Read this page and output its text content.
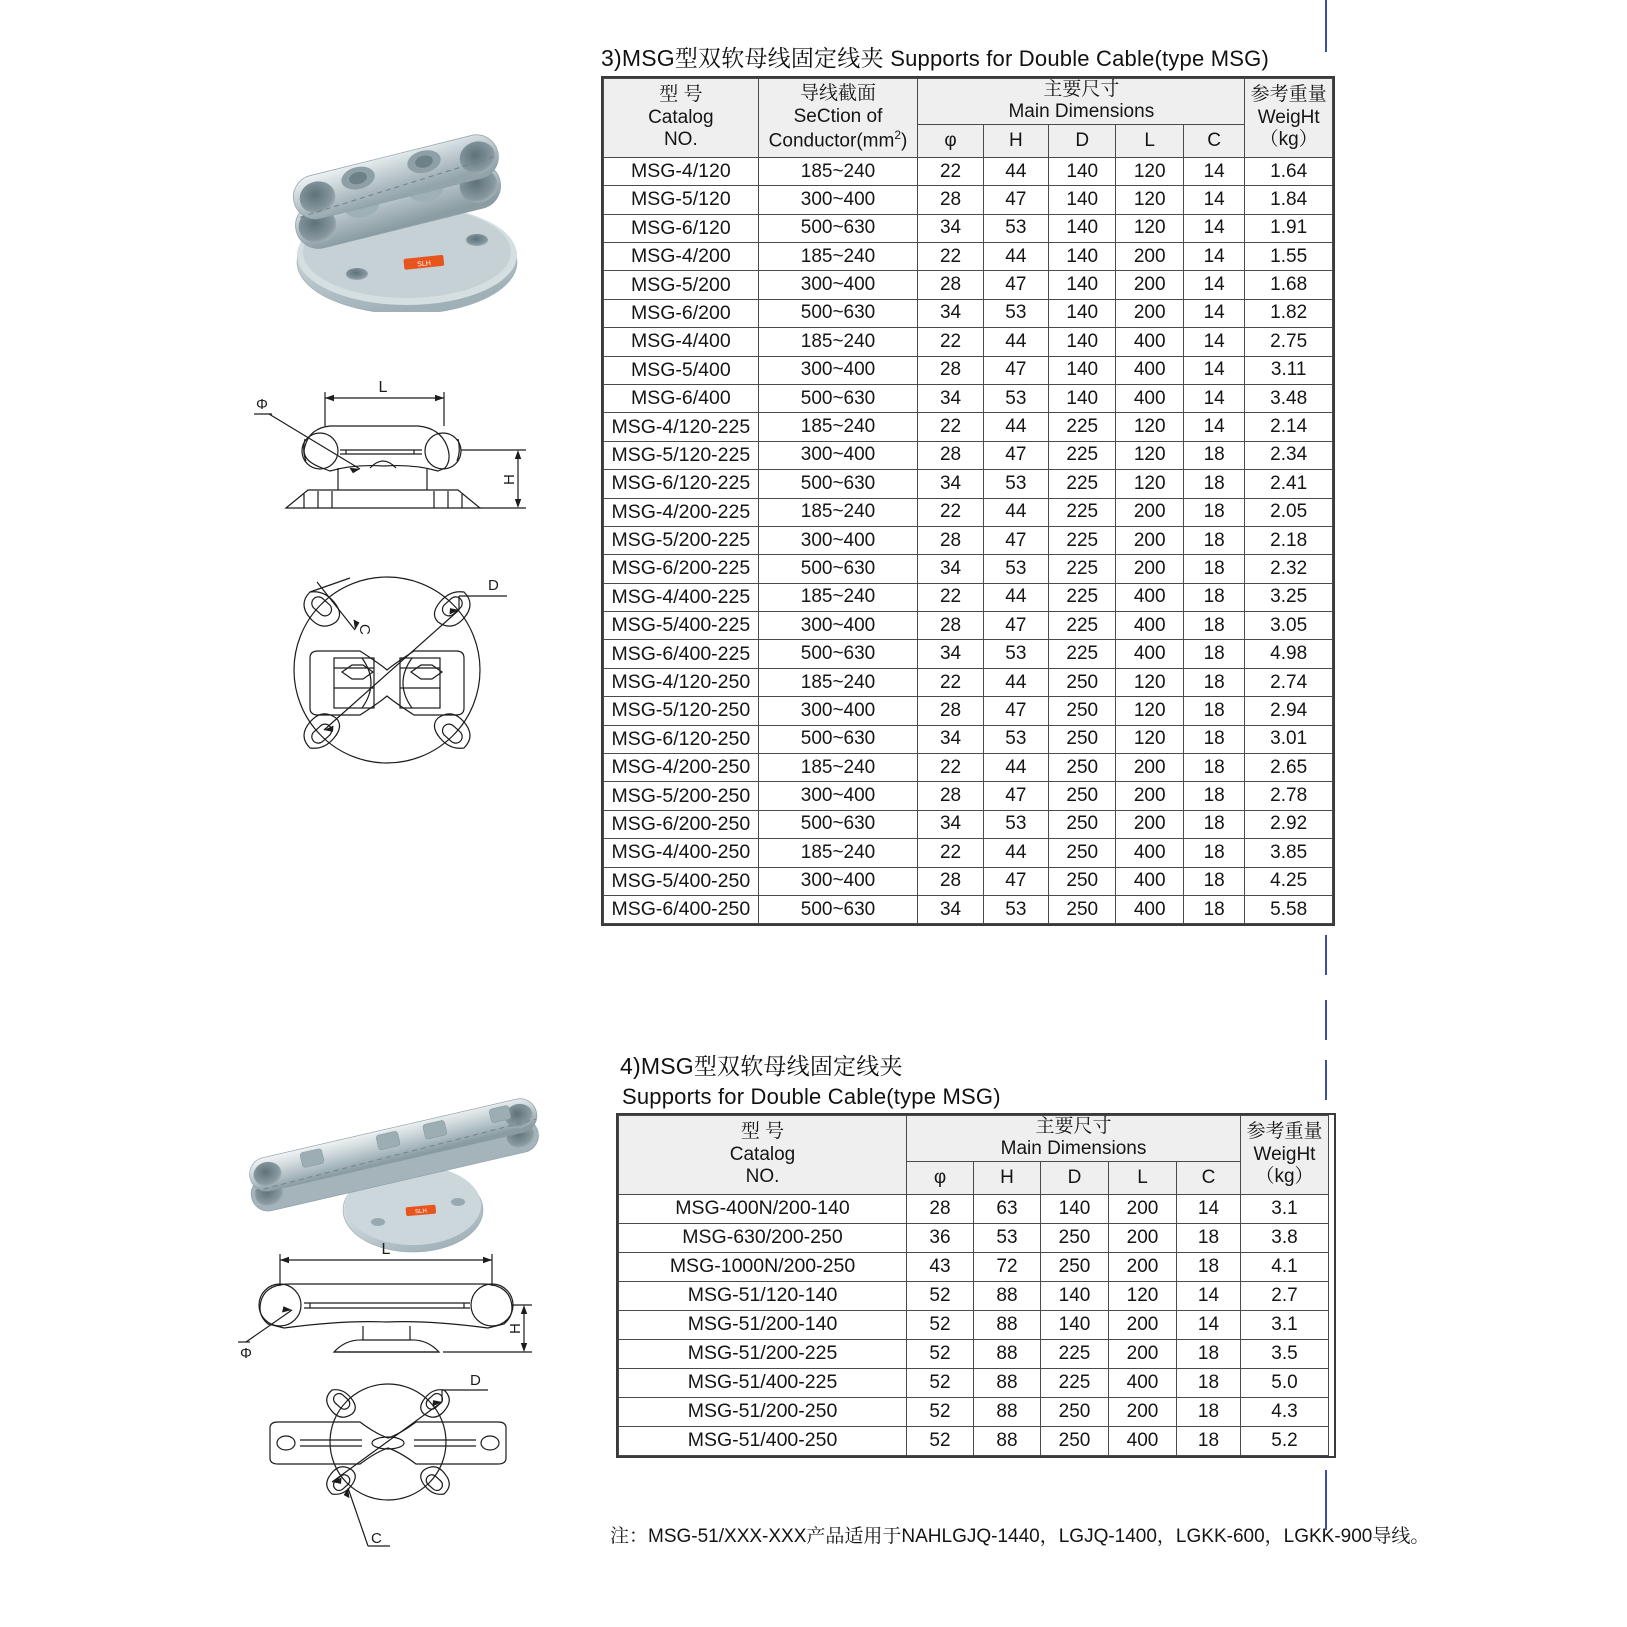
3)MSG型双软母线固定线夹 Supports for Double Cable(type MSG)
SLH
L
Φ
H
C
D
型 号
Catalog
NO.	导线截面
SeCtion of
$Conductor(mm^2)$	主要尺寸
Main Dimensions					参考重量
WeigHt
（kg）

		φ	H	D	L	C	
MSG-4/120	185~240	22	44	140	120	14	1.64
MSG-5/120	300~400	28	47	140	120	14	1.84
MSG-6/120	500~630	34	53	140	120	14	1.91
MSG-4/200	185~240	22	44	140	200	14	1.55
MSG-5/200	300~400	28	47	140	200	14	1.68
MSG-6/200	500~630	34	53	140	200	14	1.82
MSG-4/400	185~240	22	44	140	400	14	2.75
MSG-5/400	300~400	28	47	140	400	14	3.11
MSG-6/400	500~630	34	53	140	400	14	3.48
MSG-4/120-225	185~240	22	44	225	120	14	2.14
MSG-5/120-225	300~400	28	47	225	120	18	2.34
MSG-6/120-225	500~630	34	53	225	120	18	2.41
MSG-4/200-225	185~240	22	44	225	200	18	2.05
MSG-5/200-225	300~400	28	47	225	200	18	2.18
MSG-6/200-225	500~630	34	53	225	200	18	2.32
MSG-4/400-225	185~240	22	44	225	400	18	3.25
MSG-5/400-225	300~400	28	47	225	400	18	3.05
MSG-6/400-225	500~630	34	53	225	400	18	4.98
MSG-4/120-250	185~240	22	44	250	120	18	2.74
MSG-5/120-250	300~400	28	47	250	120	18	2.94
MSG-6/120-250	500~630	34	53	250	120	18	3.01
MSG-4/200-250	185~240	22	44	250	200	18	2.65
MSG-5/200-250	300~400	28	47	250	200	18	2.78
MSG-6/200-250	500~630	34	53	250	200	18	2.92
MSG-4/400-250	185~240	22	44	250	400	18	3.85
MSG-5/400-250	300~400	28	47	250	400	18	4.25
MSG-6/400-250	500~630	34	53	250	400	18	5.58
4)MSG型双软母线固定线夹
Supports for Double Cable(type MSG)
SLH
L
Φ
H
D
C
型 号
Catalog
NO.	主要尺寸
Main Dimensions					参考重量
WeigHt
（kg）

	φ	H	D	L	C	
MSG-400N/200-140	28	63	140	200	14	3.1
MSG-630/200-250	36	53	250	200	18	3.8
MSG-1000N/200-250	43	72	250	200	18	4.1
MSG-51/120-140	52	88	140	120	14	2.7
MSG-51/200-140	52	88	140	200	14	3.1
MSG-51/200-225	52	88	225	200	18	3.5
MSG-51/400-225	52	88	225	400	18	5.0
MSG-51/200-250	52	88	250	200	18	4.3
MSG-51/400-250	52	88	250	400	18	5.2
注：MSG-51/XXX-XXX产品适用于NAHLGJQ-1440，LGJQ-1400，LGKK-600，LGKK-900导线。
